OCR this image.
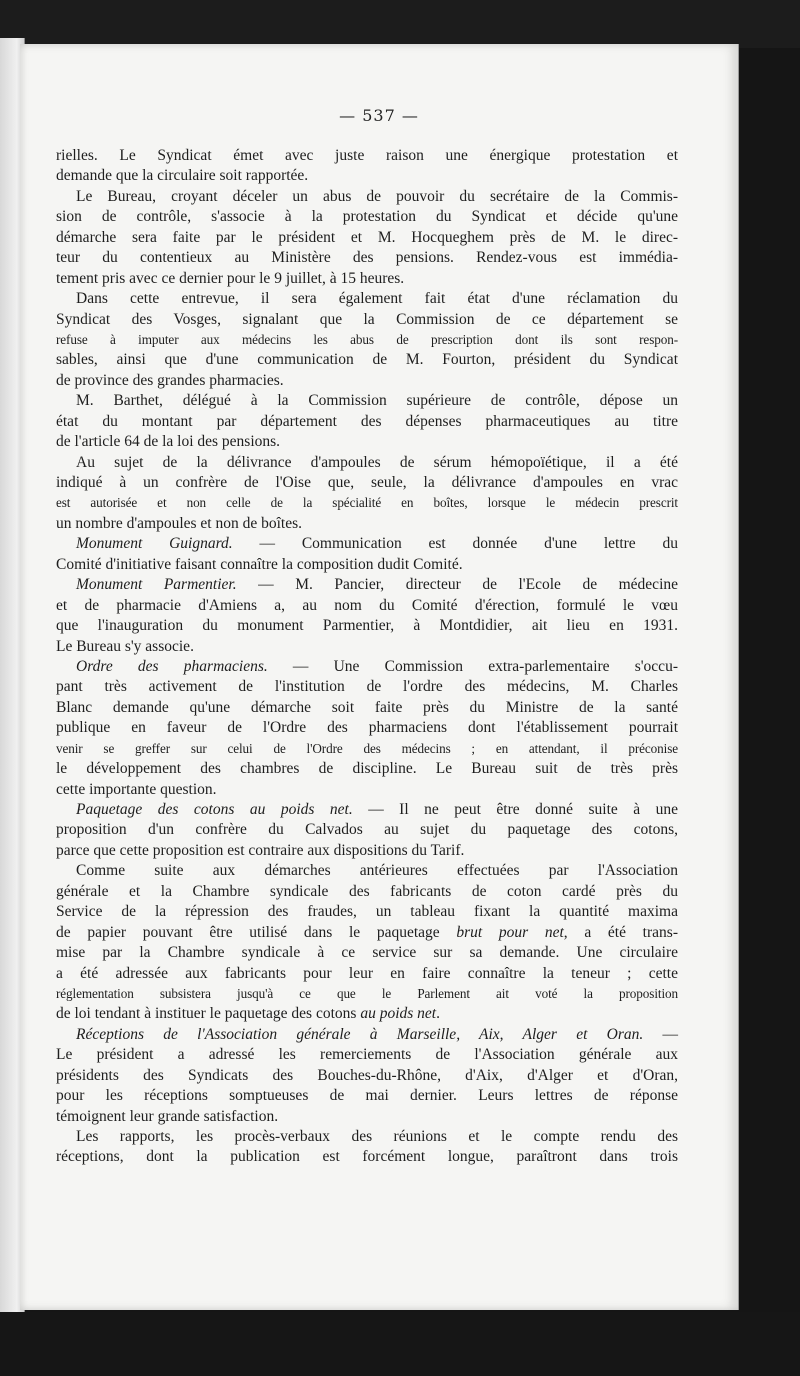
— 537 —
rielles. Le Syndicat émet avec juste raison une énergique protestation et
demande que la circulaire soit rapportée.
Le Bureau, croyant déceler un abus de pouvoir du secrétaire de la Commis-
sion de contrôle, s'associe à la protestation du Syndicat et décide qu'une
démarche sera faite par le président et M. Hocqueghem près de M. le direc-
teur du contentieux au Ministère des pensions. Rendez-vous est immédia-
tement pris avec ce dernier pour le 9 juillet, à 15 heures.
Dans cette entrevue, il sera également fait état d'une réclamation du
Syndicat des Vosges, signalant que la Commission de ce département se
refuse à imputer aux médecins les abus de prescription dont ils sont respon-
sables, ainsi que d'une communication de M. Fourton, président du Syndicat
de province des grandes pharmacies.
M. Barthet, délégué à la Commission supérieure de contrôle, dépose un
état du montant par département des dépenses pharmaceutiques au titre
de l'article 64 de la loi des pensions.
Au sujet de la délivrance d'ampoules de sérum hémopoïétique, il a été
indiqué à un confrère de l'Oise que, seule, la délivrance d'ampoules en vrac
est autorisée et non celle de la spécialité en boîtes, lorsque le médecin prescrit
un nombre d'ampoules et non de boîtes.
Monument Guignard. — Communication est donnée d'une lettre du
Comité d'initiative faisant connaître la composition dudit Comité.
Monument Parmentier. — M. Pancier, directeur de l'Ecole de médecine
et de pharmacie d'Amiens a, au nom du Comité d'érection, formulé le vœu
que l'inauguration du monument Parmentier, à Montdidier, ait lieu en 1931.
Le Bureau s'y associe.
Ordre des pharmaciens. — Une Commission extra-parlementaire s'occu-
pant très activement de l'institution de l'ordre des médecins, M. Charles
Blanc demande qu'une démarche soit faite près du Ministre de la santé
publique en faveur de l'Ordre des pharmaciens dont l'établissement pourrait
venir se greffer sur celui de l'Ordre des médecins ; en attendant, il préconise
le développement des chambres de discipline. Le Bureau suit de très près
cette importante question.
Paquetage des cotons au poids net. — Il ne peut être donné suite à une
proposition d'un confrère du Calvados au sujet du paquetage des cotons,
parce que cette proposition est contraire aux dispositions du Tarif.
Comme suite aux démarches antérieures effectuées par l'Association
générale et la Chambre syndicale des fabricants de coton cardé près du
Service de la répression des fraudes, un tableau fixant la quantité maxima
de papier pouvant être utilisé dans le paquetage brut pour net, a été trans-
mise par la Chambre syndicale à ce service sur sa demande. Une circulaire
a été adressée aux fabricants pour leur en faire connaître la teneur ; cette
réglementation subsistera jusqu'à ce que le Parlement ait voté la proposition
de loi tendant à instituer le paquetage des cotons au poids net.
Réceptions de l'Association générale à Marseille, Aix, Alger et Oran. —
Le président a adressé les remerciements de l'Association générale aux
présidents des Syndicats des Bouches-du-Rhône, d'Aix, d'Alger et d'Oran,
pour les réceptions somptueuses de mai dernier. Leurs lettres de réponse
témoignent leur grande satisfaction.
Les rapports, les procès-verbaux des réunions et le compte rendu des
réceptions, dont la publication est forcément longue, paraîtront dans trois
